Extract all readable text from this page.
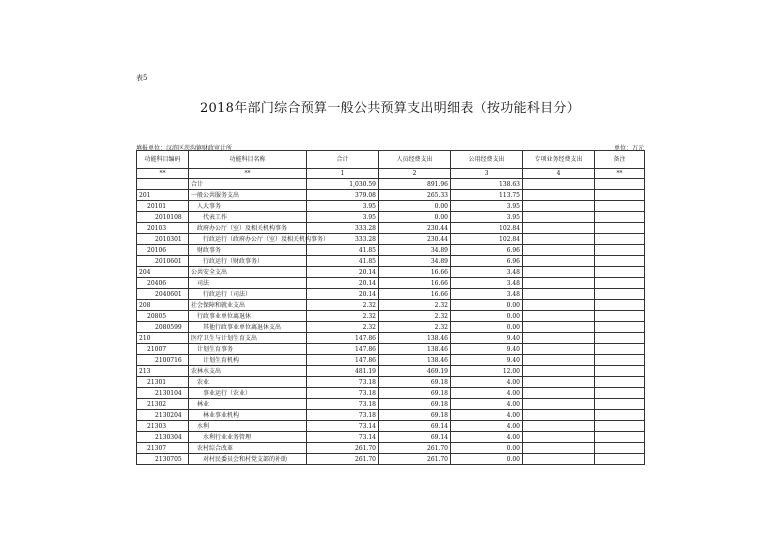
表5
2018年部门综合预算一般公共预算支出明细表（按功能科目分）
填报单位：汉滨区茨沟镇财政审计所	单位：万元
功能科目编码	功能科目名称	合计	人员经费支出	公用经费支出	专项业务经费支出	备注
**	**	1	2	3	4	**
	合计	1,030.59	891.96	138.63		
201	一般公共服务支出	379.08	265.33	113.75		
20101	人大事务	3.95	0.00	3.95		
2010108	代表工作	3.95	0.00	3.95		
20103	政府办公厅（室）及相关机构事务	333.28	230.44	102.84		
2010301	行政运行（政府办公厅（室）及相关机构事务）	333.28	230.44	102.84		
20106	财政事务	41.85	34.89	6.96		
2010601	行政运行（财政事务）	41.85	34.89	6.96		
204	公共安全支出	20.14	16.66	3.48		
20406	司法	20.14	16.66	3.48		
2040601	行政运行（司法）	20.14	16.66	3.48		
208	社会保障和就业支出	2.32	2.32	0.00		
20805	行政事业单位离退休	2.32	2.32	0.00		
2080599	其他行政事业单位离退休支出	2.32	2.32	0.00		
210	医疗卫生与计划生育支出	147.86	138.46	9.40		
21007	计划生育事务	147.86	138.46	9.40		
2100716	计划生育机构	147.86	138.46	9.40		
213	农林水支出	481.19	469.19	12.00		
21301	农业	73.18	69.18	4.00		
2130104	事业运行（农业）	73.18	69.18	4.00		
21302	林业	73.18	69.18	4.00		
2130204	林业事业机构	73.18	69.18	4.00		
21303	水利	73.14	69.14	4.00		
2130304	水利行业业务管理	73.14	69.14	4.00		
21307	农村综合改革	261.70	261.70	0.00		
2130705	对村民委员会和村党支部的补助	261.70	261.70	0.00		
